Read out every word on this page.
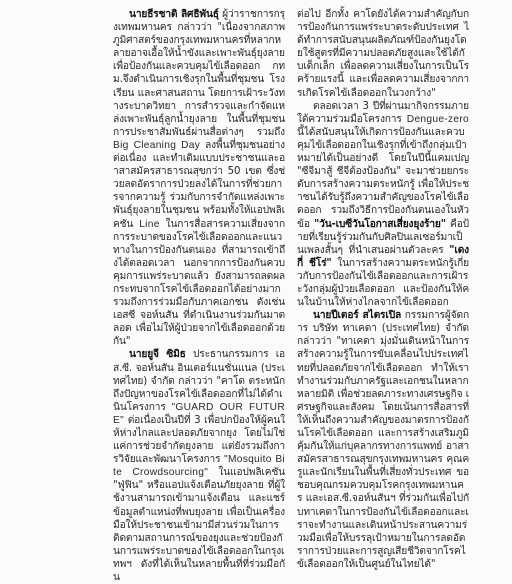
นายธีรชาติ ลิศธิพันธุ์ ผู้ว่าราชการกรุงเทพมหานคร กล่าวว่า "เนื่องจากสภาพภูมิศาสตร์ของกรุงเทพมหานครที่หลากหลายอาจเอื้อให้น้ำขังและเพาะพันธุ์ยุงลาย เพื่อป้องกันและควบคุมไข้เลือดออก กทม.จึงดำเนินการเชิงรุกในพื้นที่ชุมชน โรงเรียน และศาสนสถาน โดยการเฝ้าระวังทางระบาดวิทยา การสำรวจและกำจัดแหล่งเพาะพันธุ์ลูกน้ำยุงลาย ในพื้นที่ชุมชน การประชาสัมพันธ์ผ่านสื่อต่างๆ รวมถึง Big Cleaning Day ลงพื้นที่ชุมชนอย่างต่อเนื่อง และทำเดิมแบบประชาชนและอาสาสมัครสาธารณสุขกว่า 50 เขต ซึ่งช่วยลดอัตราการป่วยลงได้ในการที่ช่วยการจากความรู้ ร่วมกับการจำกัดแหล่งเพาะพันธุ์ยุงลายในชุมชน พร้อมทั้งให้แอปพลิเคชัน Line ในการสื่อสารความเสี่ยงจากการระบาดของโรคไข้เลือดออกและแนวทางในการป้องกันตนเอง ที่สามารถเข้าถึงได้ตลอดเวลา นอกจากการป้องกันควบคุมการแพร่ระบาดแล้ว ยังสามารถลดผลกระทบจากโรคไข้เลือดออกได้อย่างมาก รวมถึงการร่วมมือกับภาคเอกชน ดังเช่น เอสซี จอห์นสัน ที่ดำเนินงานร่วมกันมาตลอด เพื่อไม่ให้ผู้ป่วยจากไข้เลือดออกด้วยกัน"

นายยูจี ซิมิธ ประธานกรรมการ เอส.ซี. จอห์นสัน อินเตอร์แนชั่นแนล (ประเทศไทย) จำกัด กล่าวว่า "คาโด ตระหนักถึงปัญหาของโรคไข้เลือดออกที่ไม่ได้ดำเนินโครงการ "GUARD OUR FUTURE" ต่อเนื่องเป็นปีที่ 3 เพื่อปกป้องให้ผู้คนให้ห่างไกลและปลอดภัยจากยุง โดยไม่ใช่แค่การช่วยจำกัดยุงลาย แต่ยังรวมถึงการวิจัยและพัฒนาโครงการ "Mosquito Bite Crowdsourcing" ในแอปพลิเคชัน "ฟู่ฟิน" หรือแอปแจ้งเตือนภัยยุงลาย ที่ผู้ใช้งานสามารถเข้ามาแจ้งเตือน และแชร์ข้อมูลตำแหน่งที่พบยุงลาย เพื่อเป็นเครื่องมือให้ประชาชนเข้ามามีส่วนร่วมในการติดตามสถานการณ์ของยุงและช่วยป้องกันการแพร่ระบาดของไข้เลือดออกในกรุงเทพฯ ดังที่ได้เห็นในหลายพื้นที่ที่ร่วมมือกัน

ต่อไป อีกทั้ง คาโดยังได้ความสำคัญกับการป้องกันการแพร่ระบาดระดับประเทศ ได้ทำการสนับสนุนผลิตภัณฑ์ป้องกันยุงโดยใช้สูตรที่มีความปลอดภัยสูงและใช้ได้กับเด็กเล็ก เพื่อลดความเสี่ยงในการเป็นโรคร้ายแรงนี้ และเพื่อลดความเสี่ยงจากการเกิดโรคไข้เลือดออกในวงกว้าง"

ตลอดเวลา 3 ปีที่ผ่านมากิจกรรมภายใต้ความร่วมมือโครงการ Dengue-zero นี้ได้สนับสนุนให้เกิดการป้องกันและควบคุมไข้เลือดออกในเชิงรุกที่เข้าถึงกลุ่มเป้าหมายได้เป็นอย่างดี โดยในปีนี้แคมเปญ "ซีจีมาสู้ ชีจีต้องป้องกัน" จะมาช่วยยกระดับการสร้างความตระหนักรู้ เพื่อให้ประชาชนได้รับรู้ถึงความสำคัญของโรคไข้เลือดออก รวมถึงวิธีการป้องกันตนเองในหัวข้อ "วัน-เบซีวันโอกาสเสี่ยงยุงร้าย" คือป้ายที่เรียนรู้ร่วมกันกับศิลปินเลเซอร์มาเป็นเพลงสั้นๆ ที่นำเสนอผ่านตัวละคร "เดงกี่ ชีโร่" ในการสร้างความตระหนักรู้เกี่ยวกับการป้องกันไข้เลือดออกและการเฝ้าระวังกลุ่มผู้ป่วยเลือดออก และป้องกันให้คนในบ้านให้ห่างไกลจากไข้เลือดออก

นายปีเตอร์ สไตรเปิล กรรมการผู้จัดการ บริษัท ทาเคดา (ประเทศไทย) จำกัด กล่าวว่า "ทาเคดา มุ่งมั่นเดินหน้าในการสร้างความรู้ในการขับเคลื่อนไปประเทศไทยที่ปลอดภัยจากไข้เลือดออก ทำให้เราทำงานร่วมกับภาครัฐและเอกชนในหลากหลายมิติ เพื่อช่วยลดภาระทางเศรษฐกิจ เศรษฐกิจและสังคม โดยเน้นการสื่อสารที่ให้เห็นถึงความสำคัญของมาตรการป้องกันโรคไข้เลือดออก และการสร้างเสริมภูมิคุ้มกันให้แก่บุคลากรทางการแพทย์ อาสาสมัครสาธารณสุขกรุงเทพมหานคร คุณครูและนักเรียนในพื้นที่เสี่ยงทั่วประเทศ ขอชอบคุณกรมควบคุมโรคกรุงเทพมหานคร และเอส.ซี.จอห์นสันฯ ที่ร่วมกันเพื่อไปกับทาเคดาในการป้องกันไข้เลือดออกและเราจะทำงานและเดินหน้าประสานความร่วมมือเพื่อให้บรรลุเป้าหมายในการลดอัตราการป่วยและการสูญเสียชีวิตจากโรคไข้เลือดออกให้เป็นศูนย์ในไทยได้"
